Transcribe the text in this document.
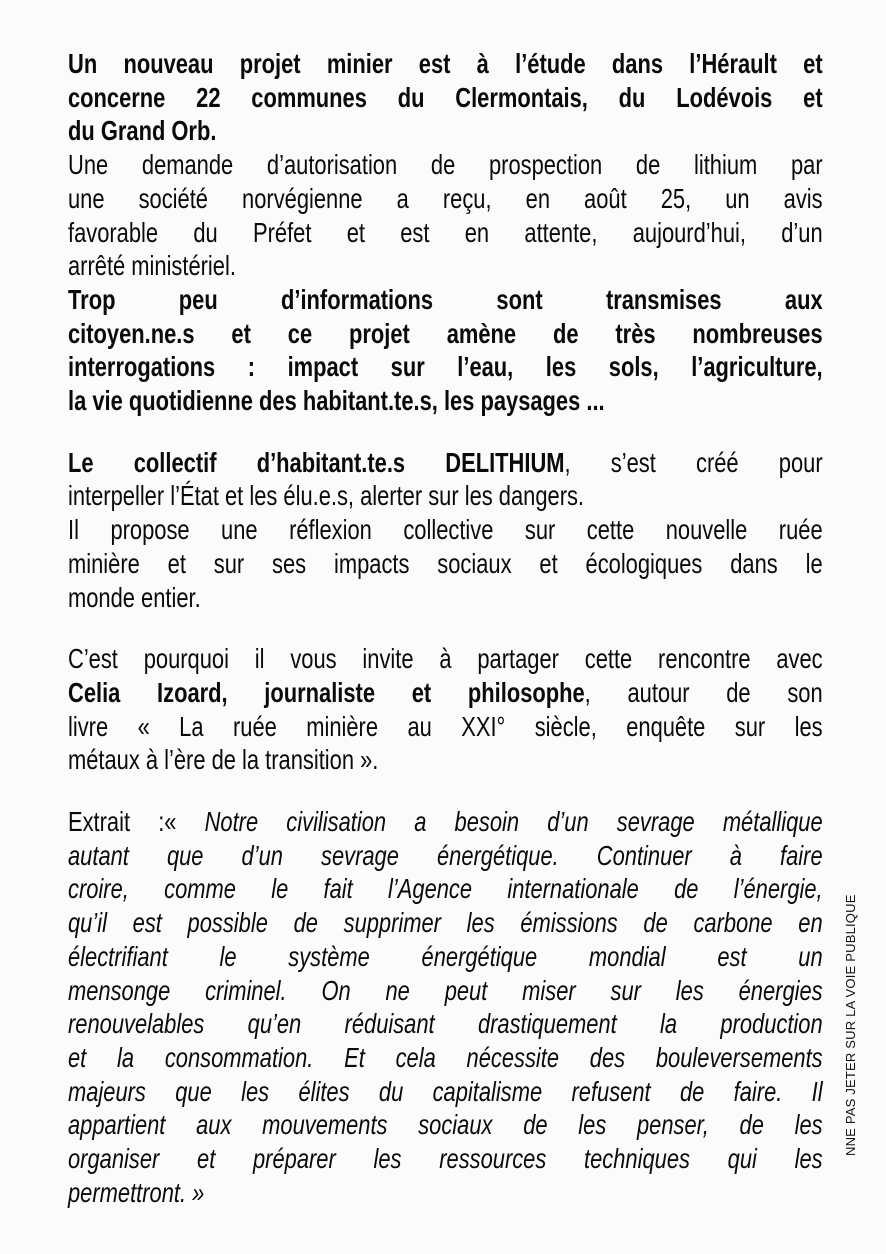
Un nouveau projet minier est à l’étude dans l’Hérault et
concerne 22 communes du Clermontais, du Lodévois et
du Grand Orb.
Une demande d’autorisation de prospection de lithium par
une société norvégienne a reçu, en août 25, un avis
favorable du Préfet et est en attente, aujourd’hui, d’un
arrêté ministériel.
Trop peu d’informations sont transmises aux
citoyen.ne.s et ce projet amène de très nombreuses
interrogations : impact sur l’eau, les sols, l’agriculture,
la vie quotidienne des habitant.te.s, les paysages ...
Le collectif d’habitant.te.s DELITHIUM, s’est créé pour
interpeller l’État et les élu.e.s, alerter sur les dangers.
Il propose une réflexion collective sur cette nouvelle ruée
minière et sur ses impacts sociaux et écologiques dans le
monde entier.
C’est pourquoi il vous invite à partager cette rencontre avec
Celia Izoard, journaliste et philosophe, autour de son
livre « La ruée minière au XXI° siècle, enquête sur les
métaux à l’ère de la transition ».
Extrait :« Notre civilisation a besoin d’un sevrage métallique
autant que d’un sevrage énergétique. Continuer à faire
croire, comme le fait l’Agence internationale de l’énergie,
qu’il est possible de supprimer les émissions de carbone en
électrifiant le système énergétique mondial est un
mensonge criminel. On ne peut miser sur les énergies
renouvelables qu’en réduisant drastiquement la production
et la consommation. Et cela nécessite des bouleversements
majeurs que les élites du capitalisme refusent de faire. Il
appartient aux mouvements sociaux de les penser, de les
organiser et préparer les ressources techniques qui les
permettront. »
NNE PAS JETER SUR LA VOIE PUBLIQUE
